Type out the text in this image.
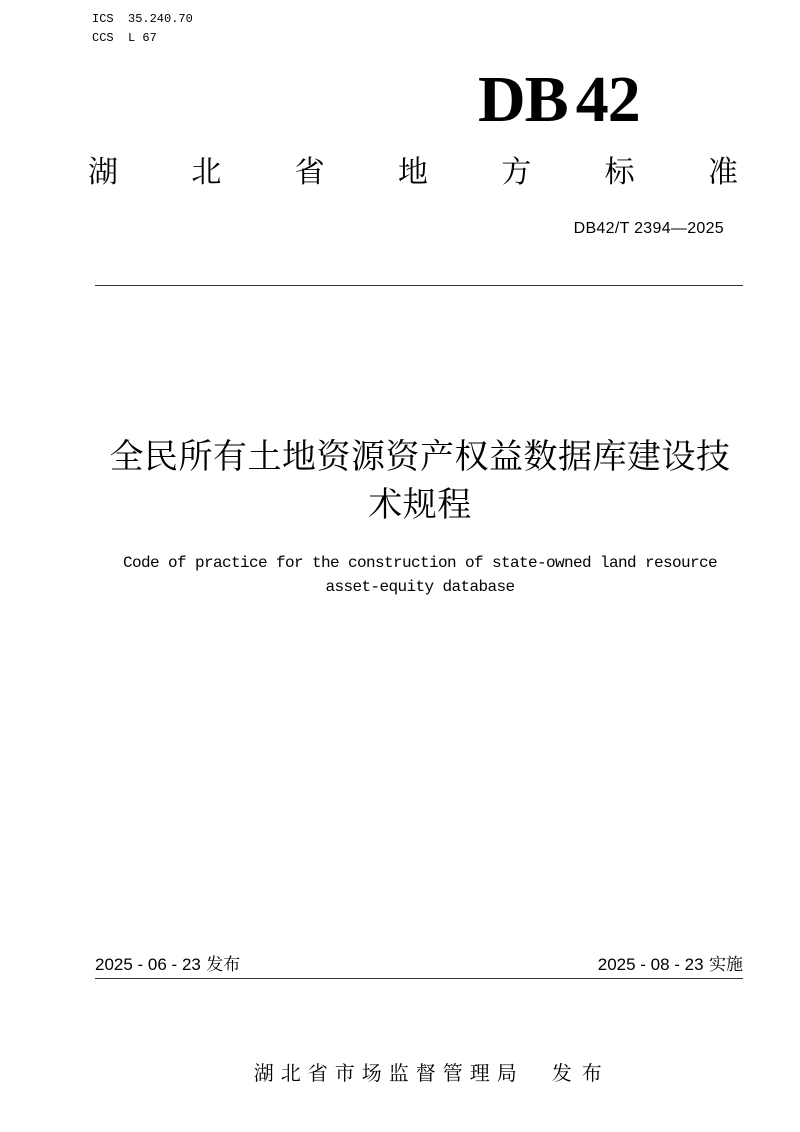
ICS  35.240.70
CCS  L 67
DB 42
湖 北 省 地 方 标 准
DB42/T 2394—2025
全民所有土地资源资产权益数据库建设技
术规程
Code of practice for the construction of state-owned land resource
asset-equity database
2025 - 06 - 23 发布	2025 - 08 - 23 实施

湖北省市场监督管理局 发布
